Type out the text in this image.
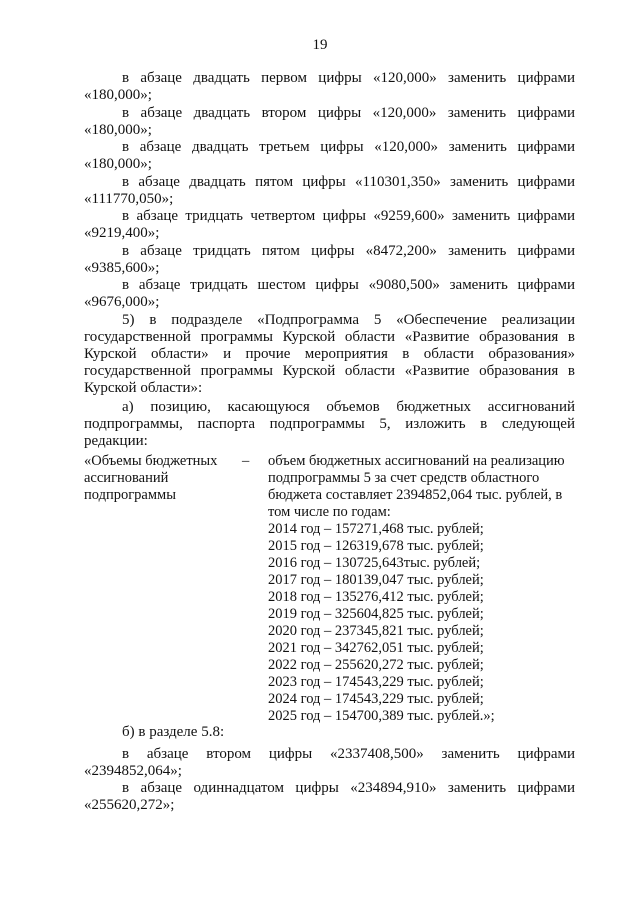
19

в абзаце двадцать первом цифры «120,000» заменить цифрами «180,000»;

в абзаце двадцать втором цифры «120,000» заменить цифрами «180,000»;

в абзаце двадцать третьем цифры «120,000» заменить цифрами «180,000»;

в абзаце двадцать пятом цифры «110301,350» заменить цифрами «111770,050»;

в абзаце тридцать четвертом цифры «9259,600» заменить цифрами «9219,400»;

в абзаце тридцать пятом цифры «8472,200» заменить цифрами «9385,600»;

в абзаце тридцать шестом цифры «9080,500» заменить цифрами «9676,000»;

5) в подразделе «Подпрограмма 5 «Обеспечение реализации государственной программы Курской области «Развитие образования в Курской области» и прочие мероприятия в области образования» государственной программы Курской области «Развитие образования в Курской области»:

а) позицию, касающуюся объемов бюджетных ассигнований подпрограммы, паспорта подпрограммы 5, изложить в следующей редакции:

«Объемы бюджетных ассигнований подпрограммы
– объем бюджетных ассигнований на реализацию подпрограммы 5 за счет средств областного бюджета составляет 2394852,064 тыс. рублей, в том числе по годам:
2014 год – 157271,468 тыс. рублей;
2015 год – 126319,678 тыс. рублей;
2016 год – 130725,643тыс. рублей;
2017 год – 180139,047 тыс. рублей;
2018 год – 135276,412 тыс. рублей;
2019 год – 325604,825 тыс. рублей;
2020 год – 237345,821 тыс. рублей;
2021 год – 342762,051 тыс. рублей;
2022 год – 255620,272 тыс. рублей;
2023 год – 174543,229 тыс. рублей;
2024 год – 174543,229 тыс. рублей;
2025 год – 154700,389 тыс. рублей.»;

б) в разделе 5.8:

в абзаце втором цифры «2337408,500» заменить цифрами «2394852,064»;

в абзаце одиннадцатом цифры «234894,910» заменить цифрами «255620,272»;
